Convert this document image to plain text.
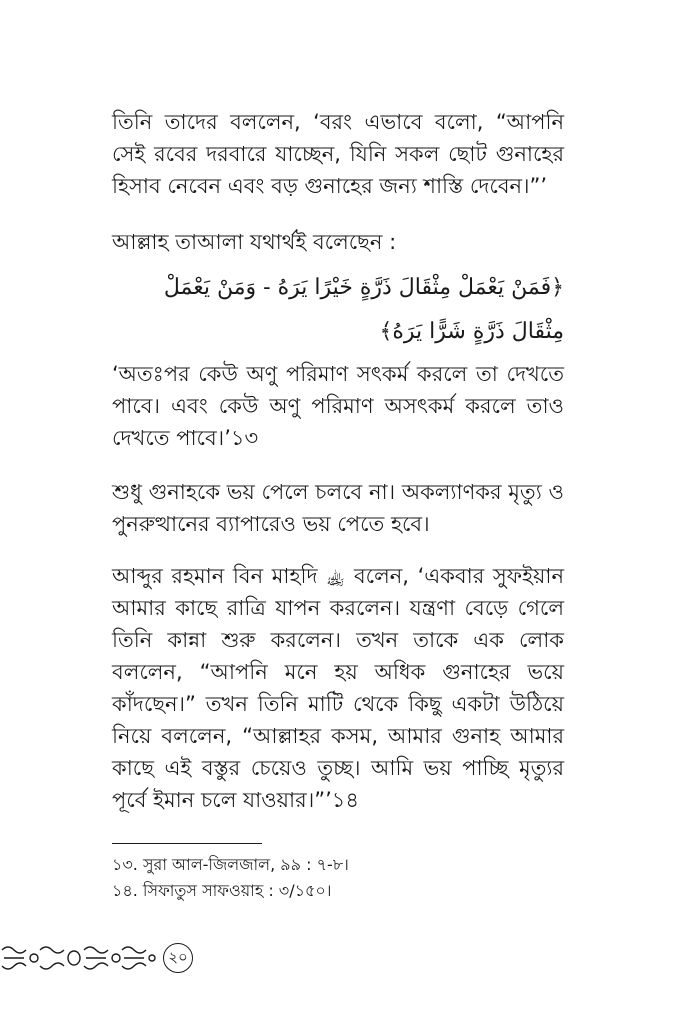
তিনি তাদের বললেন, ‘বরং এভাবে বলো, “আপনি সেই রবের দরবারে যাচ্ছেন, যিনি সকল ছোট গুনাহের হিসাব নেবেন এবং বড় গুনাহের জন্য শাস্তি দেবেন।”’

আল্লাহ তাআলা যথার্থই বলেছেন :

﴿فَمَنْ يَعْمَلْ مِثْقَالَ ذَرَّةٍ خَيْرًا يَرَهُ - وَمَنْ يَعْمَلْ مِثْقَالَ ذَرَّةٍ شَرًّا يَرَهُ﴾

‘অতঃপর কেউ অণু পরিমাণ সৎকর্ম করলে তা দেখতে পাবে। এবং কেউ অণু পরিমাণ অসৎকর্ম করলে তাও দেখতে পাবে।’১৩

শুধু গুনাহকে ভয় পেলে চলবে না। অকল্যাণকর মৃত্যু ও পুনরুত্থানের ব্যাপারেও ভয় পেতে হবে।

আব্দুর রহমান বিন মাহদি ﵀ বলেন, ‘একবার সুফইয়ান আমার কাছে রাত্রি যাপন করলেন। যন্ত্রণা বেড়ে গেলে তিনি কান্না শুরু করলেন। তখন তাকে এক লোক বললেন, “আপনি মনে হয় অধিক গুনাহের ভয়ে কাঁদছেন।” তখন তিনি মাটি থেকে কিছু একটা উঠিয়ে নিয়ে বললেন, “আল্লাহর কসম, আমার গুনাহ আমার কাছে এই বস্তুর চেয়েও তুচ্ছ। আমি ভয় পাচ্ছি মৃত্যুর পূর্বে ইমান চলে যাওয়ার।”’১৪

১৩. সুরা আল-জিলজাল, ৯৯ : ৭-৮।

১৪. সিফাতুস সাফওয়াহ : ৩/১৫০।

২০
